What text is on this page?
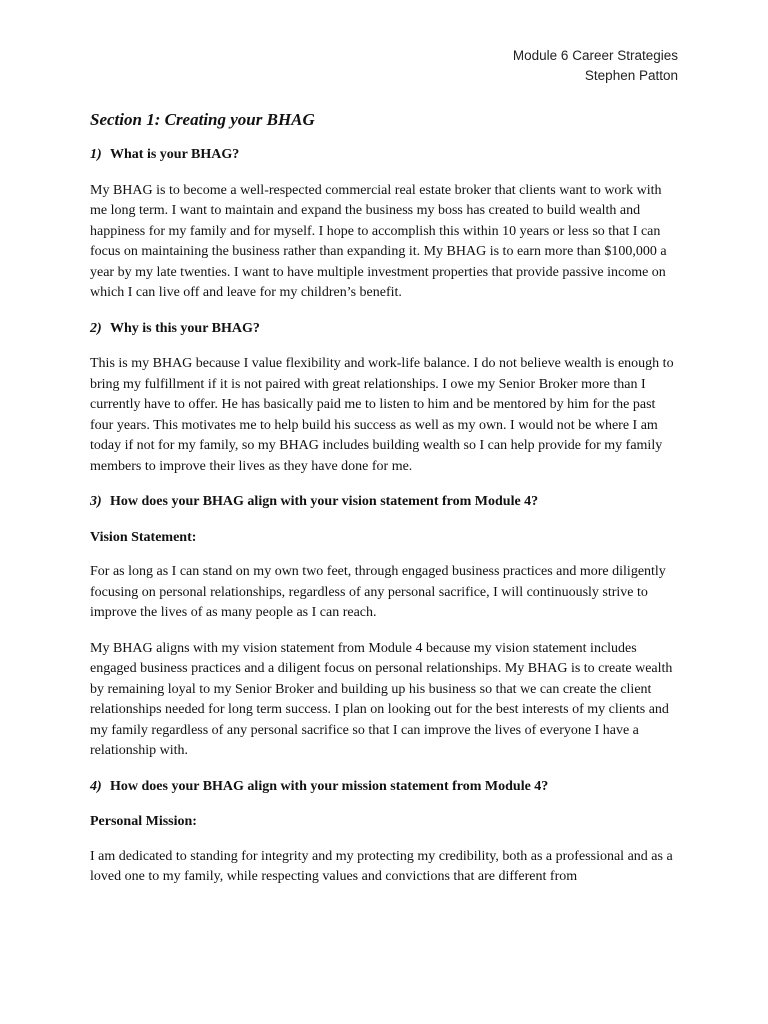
Module 6 Career Strategies
Stephen Patton
Section 1: Creating your BHAG
1) What is your BHAG?

My BHAG is to become a well-respected commercial real estate broker that clients want to work with me long term. I want to maintain and expand the business my boss has created to build wealth and happiness for my family and for myself. I hope to accomplish this within 10 years or less so that I can focus on maintaining the business rather than expanding it. My BHAG is to earn more than $100,000 a year by my late twenties. I want to have multiple investment properties that provide passive income on which I can live off and leave for my children’s benefit.

2) Why is this your BHAG?

This is my BHAG because I value flexibility and work-life balance. I do not believe wealth is enough to bring my fulfillment if it is not paired with great relationships. I owe my Senior Broker more than I currently have to offer. He has basically paid me to listen to him and be mentored by him for the past four years. This motivates me to help build his success as well as my own. I would not be where I am today if not for my family, so my BHAG includes building wealth so I can help provide for my family members to improve their lives as they have done for me.

3) How does your BHAG align with your vision statement from Module 4?
Vision Statement:

For as long as I can stand on my own two feet, through engaged business practices and more diligently focusing on personal relationships, regardless of any personal sacrifice, I will continuously strive to improve the lives of as many people as I can reach.

My BHAG aligns with my vision statement from Module 4 because my vision statement includes engaged business practices and a diligent focus on personal relationships. My BHAG is to create wealth by remaining loyal to my Senior Broker and building up his business so that we can create the client relationships needed for long term success. I plan on looking out for the best interests of my clients and my family regardless of any personal sacrifice so that I can improve the lives of everyone I have a relationship with.

4) How does your BHAG align with your mission statement from Module 4?
Personal Mission:

I am dedicated to standing for integrity and my protecting my credibility, both as a professional and as a loved one to my family, while respecting values and convictions that are different from
